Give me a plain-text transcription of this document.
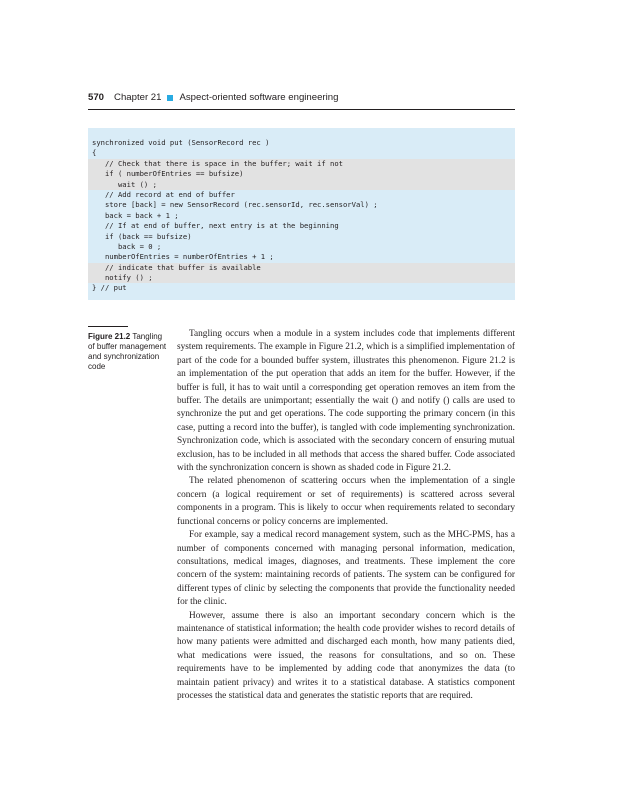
570 Chapter 21 Aspect-oriented software engineering
synchronized void put (SensorRecord rec )
{
// Check that there is space in the buffer; wait if not
if ( numberOfEntries == bufsize)
wait () ;
// Add record at end of buffer
store [back] = new SensorRecord (rec.sensorId, rec.sensorVal) ;
back = back + 1 ;
// If at end of buffer, next entry is at the beginning
if (back == bufsize)
back = 0 ;
numberOfEntries = numberOfEntries + 1 ;
// indicate that buffer is available
notify () ;
} // put
Figure 21.2 Tangling of buffer management and synchronization code

Tangling occurs when a module in a system includes code that implements different system requirements. The example in Figure 21.2, which is a simplified implementation of part of the code for a bounded buffer system, illustrates this phenomenon. Figure 21.2 is an implementation of the put operation that adds an item for the buffer. However, if the buffer is full, it has to wait until a corresponding get operation removes an item from the buffer. The details are unimportant; essentially the wait () and notify () calls are used to synchronize the put and get operations. The code supporting the primary concern (in this case, putting a record into the buffer), is tangled with code implementing synchronization. Synchronization code, which is associated with the secondary concern of ensuring mutual exclusion, has to be included in all methods that access the shared buffer. Code associated with the synchronization concern is shown as shaded code in Figure 21.2.

The related phenomenon of scattering occurs when the implementation of a single concern (a logical requirement or set of requirements) is scattered across several components in a program. This is likely to occur when requirements related to secondary functional concerns or policy concerns are implemented.

For example, say a medical record management system, such as the MHC-PMS, has a number of components concerned with managing personal information, medication, consultations, medical images, diagnoses, and treatments. These implement the core concern of the system: maintaining records of patients. The system can be configured for different types of clinic by selecting the components that provide the functionality needed for the clinic.

However, assume there is also an important secondary concern which is the maintenance of statistical information; the health code provider wishes to record details of how many patients were admitted and discharged each month, how many patients died, what medications were issued, the reasons for consultations, and so on. These requirements have to be implemented by adding code that anonymizes the data (to maintain patient privacy) and writes it to a statistical database. A statistics component processes the statistical data and generates the statistic reports that are required.
